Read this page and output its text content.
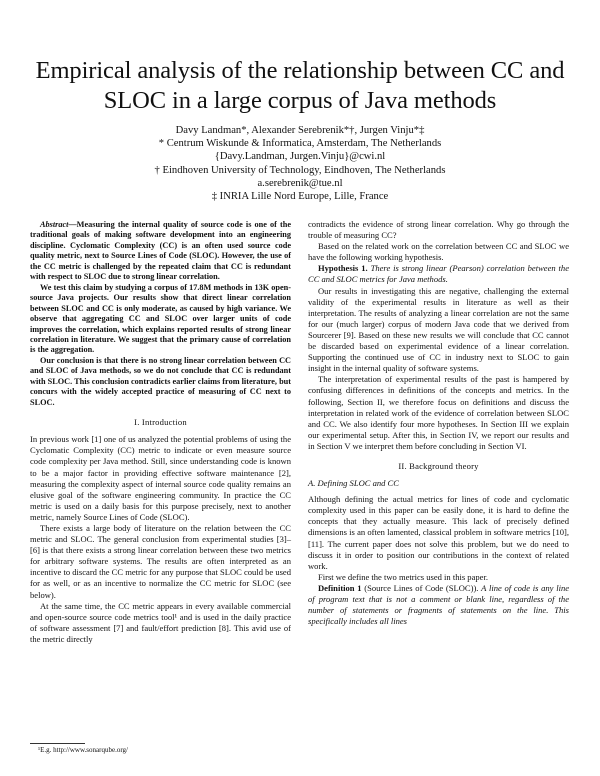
Empirical analysis of the relationship between CC and SLOC in a large corpus of Java methods
Davy Landman*, Alexander Serebrenik*†, Jurgen Vinju*‡
* Centrum Wiskunde & Informatica, Amsterdam, The Netherlands
{Davy.Landman, Jurgen.Vinju}@cwi.nl
† Eindhoven University of Technology, Eindhoven, The Netherlands
a.serebrenik@tue.nl
‡ INRIA Lille Nord Europe, Lille, France

Abstract—Measuring the internal quality of source code is one of the traditional goals of making software development into an engineering discipline. Cyclomatic Complexity (CC) is an often used source code quality metric, next to Source Lines of Code (SLOC). However, the use of the CC metric is challenged by the repeated claim that CC is redundant with respect to SLOC due to strong linear correlation.

We test this claim by studying a corpus of 17.8M methods in 13K open-source Java projects. Our results show that direct linear correlation between SLOC and CC is only moderate, as caused by high variance. We observe that aggregating CC and SLOC over larger units of code improves the correlation, which explains reported results of strong linear correlation in literature. We suggest that the primary cause of correlation is the aggregation.

Our conclusion is that there is no strong linear correlation between CC and SLOC of Java methods, so we do not conclude that CC is redundant with SLOC. This conclusion contradicts earlier claims from literature, but concurs with the widely accepted practice of measuring of CC next to SLOC.

I. Introduction

In previous work [1] one of us analyzed the potential problems of using the Cyclomatic Complexity (CC) metric to indicate or even measure source code complexity per Java method. Still, since understanding code is known to be a major factor in providing effective software maintenance [2], measuring the complexity aspect of internal source code quality remains an elusive goal of the software engineering community. In practice the CC metric is used on a daily basis for this purpose precisely, next to another metric, namely Source Lines of Code (SLOC).

There exists a large body of literature on the relation between the CC metric and SLOC. The general conclusion from experimental studies [3]–[6] is that there exists a strong linear correlation between these two metrics for arbitrary software systems. The results are often interpreted as an incentive to discard the CC metric for any purpose that SLOC could be used for as well, or as an incentive to normalize the CC metric for SLOC (see below).

At the same time, the CC metric appears in every available commercial and open-source source code metrics tool¹ and is used in the daily practice of software assessment [7] and fault/effort prediction [8]. This avid use of the metric directly

contradicts the evidence of strong linear correlation. Why go through the trouble of measuring CC?

Based on the related work on the correlation between CC and SLOC we have the following working hypothesis.

Hypothesis 1. There is strong linear (Pearson) correlation between the CC and SLOC metrics for Java methods.

Our results in investigating this are negative, challenging the external validity of the experimental results in literature as well as their interpretation. The results of analyzing a linear correlation are not the same for our (much larger) corpus of modern Java code that we derived from Sourcerer [9]. Based on these new results we will conclude that CC cannot be discarded based on experimental evidence of a linear correlation. Supporting the continued use of CC in industry next to SLOC to gain insight in the internal quality of software systems.

The interpretation of experimental results of the past is hampered by confusing differences in definitions of the concepts and metrics. In the following, Section II, we therefore focus on definitions and discuss the interpretation in related work of the evidence of correlation between SLOC and CC. We also identify four more hypotheses. In Section III we explain our experimental setup. After this, in Section IV, we report our results and in Section V we interpret them before concluding in Section VI.

II. Background theory
A. Defining SLOC and CC

Although defining the actual metrics for lines of code and cyclomatic complexity used in this paper can be easily done, it is hard to define the concepts that they actually measure. This lack of precisely defined dimensions is an often lamented, classical problem in software metrics [10], [11]. The current paper does not solve this problem, but we do need to discuss it in order to position our contributions in the context of related work.

First we define the two metrics used in this paper.

Definition 1 (Source Lines of Code (SLOC)). A line of code is any line of program text that is not a comment or blank line, regardless of the number of statements or fragments of statements on the line. This specifically includes all lines

¹E.g. http://www.sonarqube.org/
